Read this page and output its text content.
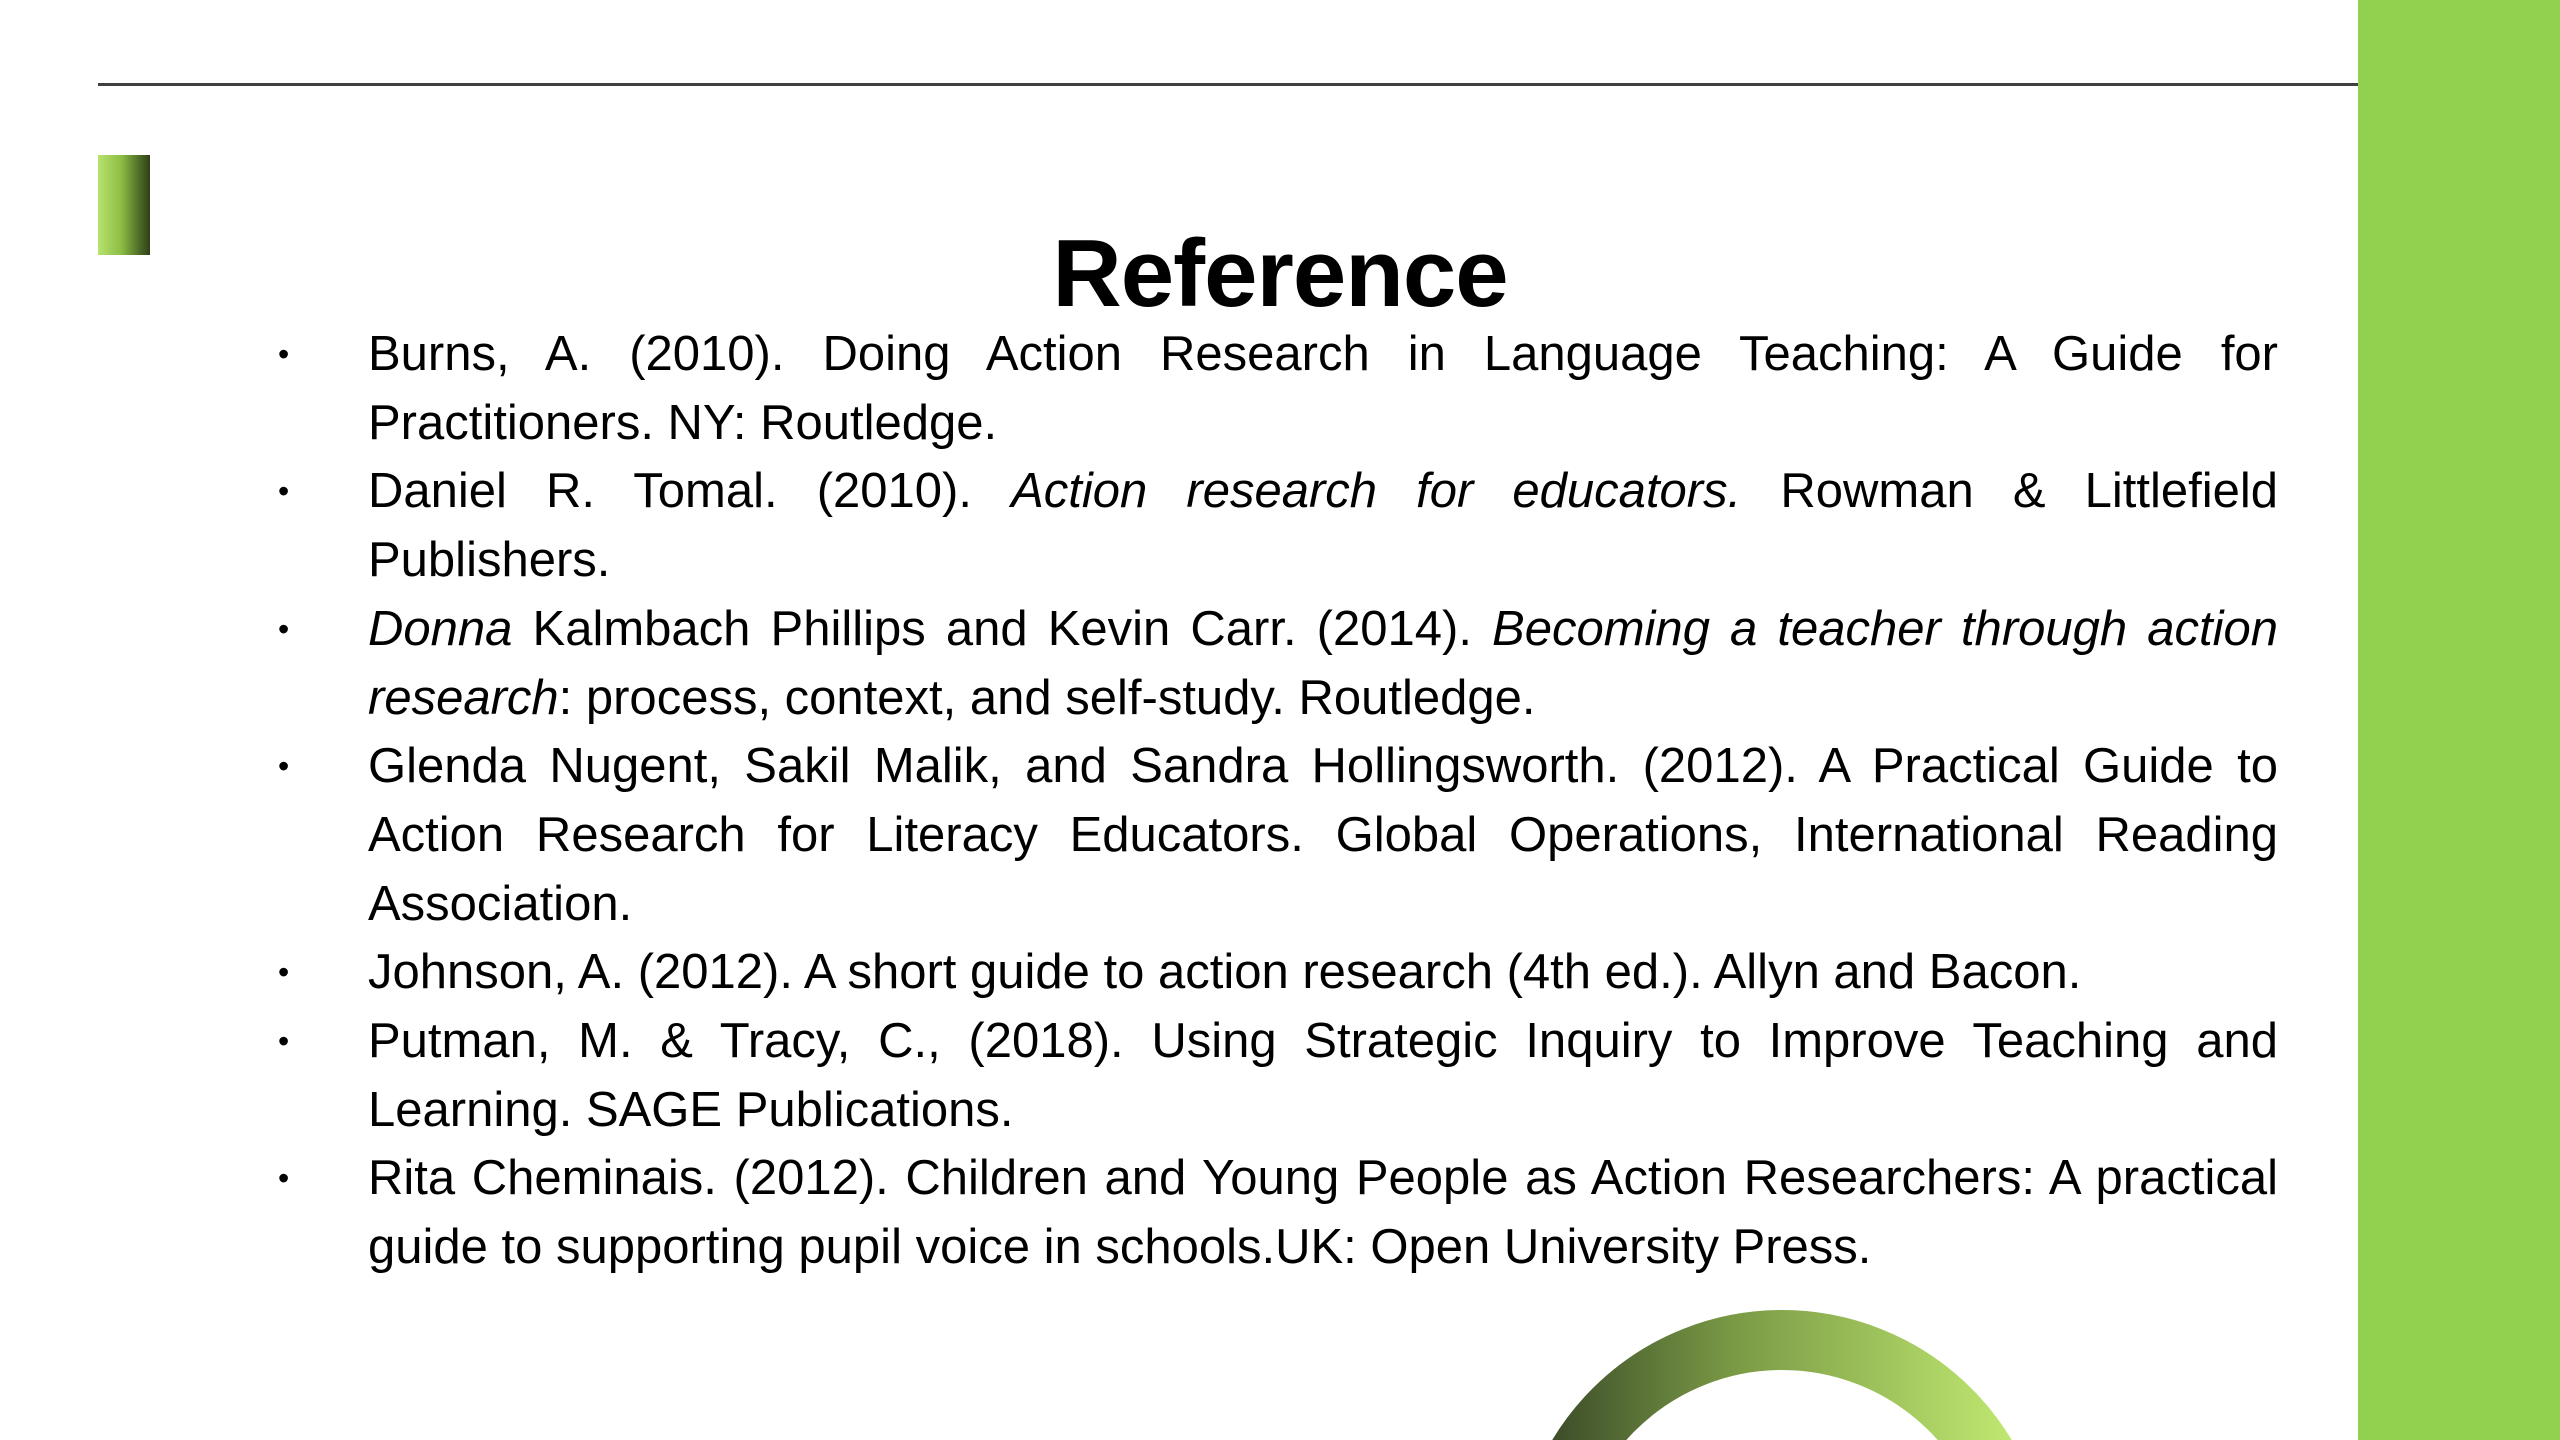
Reference
• Burns, A. (2010). Doing Action Research in Language Teaching: A Guide for Practitioners. NY: Routledge.
• Daniel R. Tomal. (2010). Action research for educators. Rowman & Littlefield Publishers.
• Donna Kalmbach Phillips and Kevin Carr. (2014). Becoming a teacher through action research: process, context, and self-study. Routledge.
• Glenda Nugent, Sakil Malik, and Sandra Hollingsworth. (2012). A Practical Guide to Action Research for Literacy Educators. Global Operations, International Reading Association.
• Johnson, A. (2012). A short guide to action research (4th ed.). Allyn and Bacon.
• Putman, M. & Tracy, C., (2018). Using Strategic Inquiry to Improve Teaching and Learning. SAGE Publications.
• Rita Cheminais. (2012). Children and Young People as Action Researchers: A practical guide to supporting pupil voice in schools.UK: Open University Press.
